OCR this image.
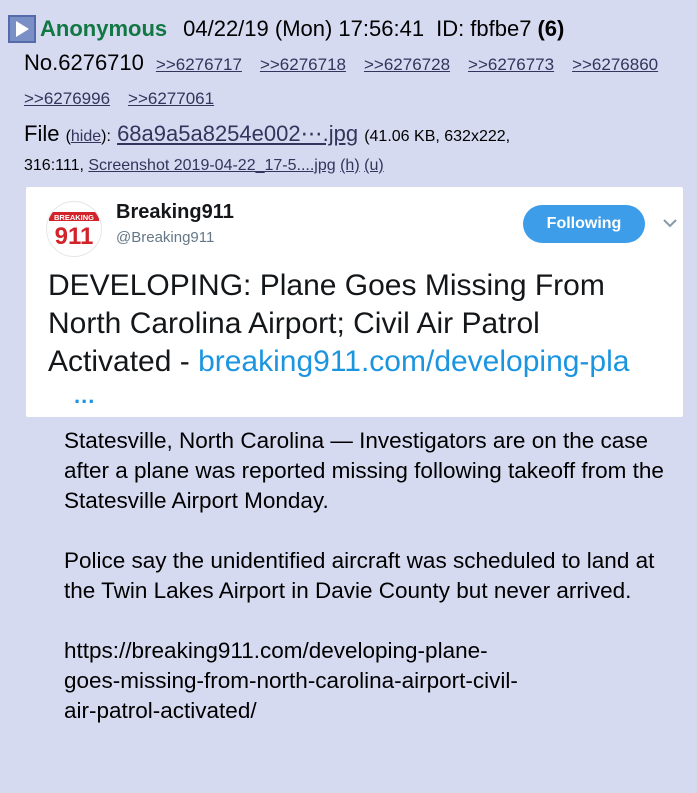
Anonymous 04/22/19 (Mon) 17:56:41 ID: fbfbe7 (6)
No.6276710 >>6276717 >>6276718 >>6276728 >>6276773 >>6276860
>>6276996 >>6277061
File (hide): 68a9a5a8254e002⋯.jpg (41.06 KB, 632x222,
316:111, Screenshot 2019-04-22_17-5....jpg (h) (u)
BREAKING
911
Breaking911
@Breaking911
Following
DEVELOPING: Plane Goes Missing From
North Carolina Airport; Civil Air Patrol
Activated - breaking911.com/developing-pla
...

Statesville, North Carolina — Investigators are on the case after a plane was reported missing following takeoff from the Statesville Airport Monday.

Police say the unidentified aircraft was scheduled to land at the Twin Lakes Airport in Davie County but never arrived.

https://breaking911.com/developing-plane-
goes-missing-from-north-carolina-airport-civil-
air-patrol-activated/
